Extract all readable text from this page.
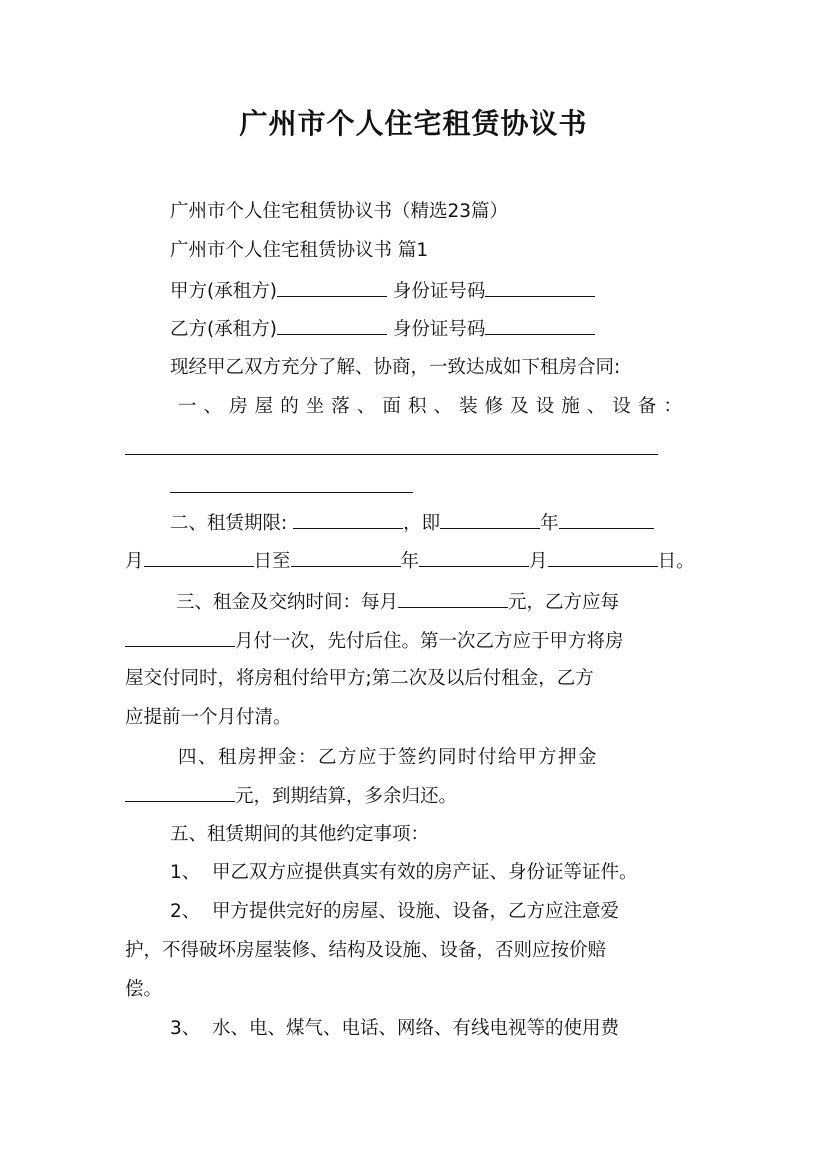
广州市个人住宅租赁协议书
广州市个人住宅租赁协议书（精选23篇）
广州市个人住宅租赁协议书 篇1
甲方(承租方)	身份证号码
乙方(承租方)	身份证号码
现经甲乙双方充分了解、协商，一致达成如下租房合同:
一、房屋的坐落、面积、装修及设施、设备：
二、租赁期限:	，即	年
月	日至	年	月	日。
三、租金及交纳时间：每月	元，乙方应每
月付一次，先付后住。第一次乙方应于甲方将房
屋交付同时，将房租付给甲方;第二次及以后付租金，乙方
应提前一个月付清。
四、租房押金：乙方应于签约同时付给甲方押金
元，到期结算，多余归还。
五、租赁期间的其他约定事项：
1、  甲乙双方应提供真实有效的房产证、身份证等证件。
2、  甲方提供完好的房屋、设施、设备，乙方应注意爱
护，不得破坏房屋装修、结构及设施、设备，否则应按价赔
偿。
3、  水、电、煤气、电话、网络、有线电视等的使用费
